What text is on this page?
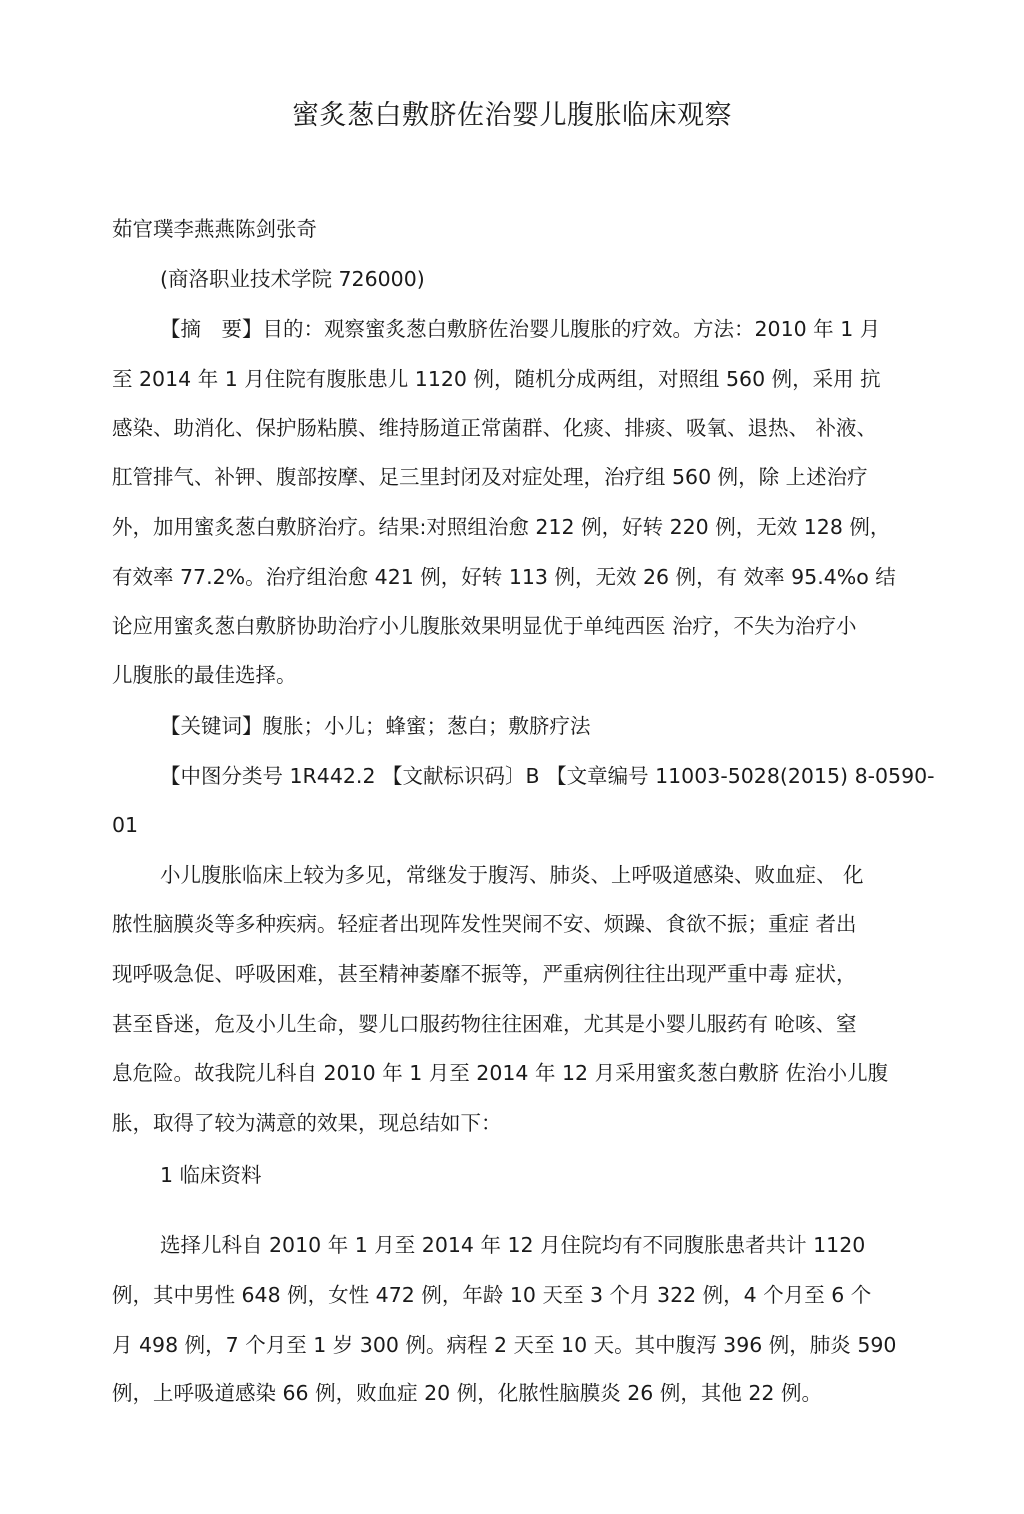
蜜炙葱白敷脐佐治婴儿腹胀临床观察

茹官璞李燕燕陈剑张奇

(商洛职业技术学院 726000)

【摘　要】目的：观察蜜炙葱白敷脐佐治婴儿腹胀的疗效。方法：2010 年 1 月

至 2014 年 1 月住院有腹胀患儿 1120 例，随机分成两组，对照组 560 例，采用 抗

感染、助消化、保护肠粘膜、维持肠道正常菌群、化痰、排痰、吸氧、退热、 补液、

肛管排气、补钾、腹部按摩、足三里封闭及对症处理，治疗组 560 例，除 上述治疗

外，加用蜜炙葱白敷脐治疗。结果:对照组治愈 212 例，好转 220 例，无效 128 例，

有效率 77.2%。治疗组治愈 421 例，好转 113 例，无效 26 例，有 效率 95.4%o 结

论应用蜜炙葱白敷脐协助治疗小儿腹胀效果明显优于单纯西医 治疗，不失为治疗小

儿腹胀的最佳选择。

【关键词】腹胀；小儿；蜂蜜；葱白；敷脐疗法

【中图分类号 1R442.2 【文献标识码〕B 【文章编号 11003-5028(2015) 8-0590-

01

小儿腹胀临床上较为多见，常继发于腹泻、肺炎、上呼吸道感染、败血症、 化

脓性脑膜炎等多种疾病。轻症者出现阵发性哭闹不安、烦躁、食欲不振；重症 者出

现呼吸急促、呼吸困难，甚至精神萎靡不振等，严重病例往往出现严重中毒 症状，

甚至昏迷，危及小儿生命，婴儿口服药物往往困难，尤其是小婴儿服药有 呛咳、窒

息危险。故我院儿科自 2010 年 1 月至 2014 年 12 月采用蜜炙葱白敷脐 佐治小儿腹

胀，取得了较为满意的效果，现总结如下：

1 临床资料

选择儿科自 2010 年 1 月至 2014 年 12 月住院均有不同腹胀患者共计 1120

例，其中男性 648 例，女性 472 例，年龄 10 天至 3 个月 322 例，4 个月至 6 个

月 498 例，7 个月至 1 岁 300 例。病程 2 天至 10 天。其中腹泻 396 例，肺炎 590

例，上呼吸道感染 66 例，败血症 20 例，化脓性脑膜炎 26 例，其他 22 例。
